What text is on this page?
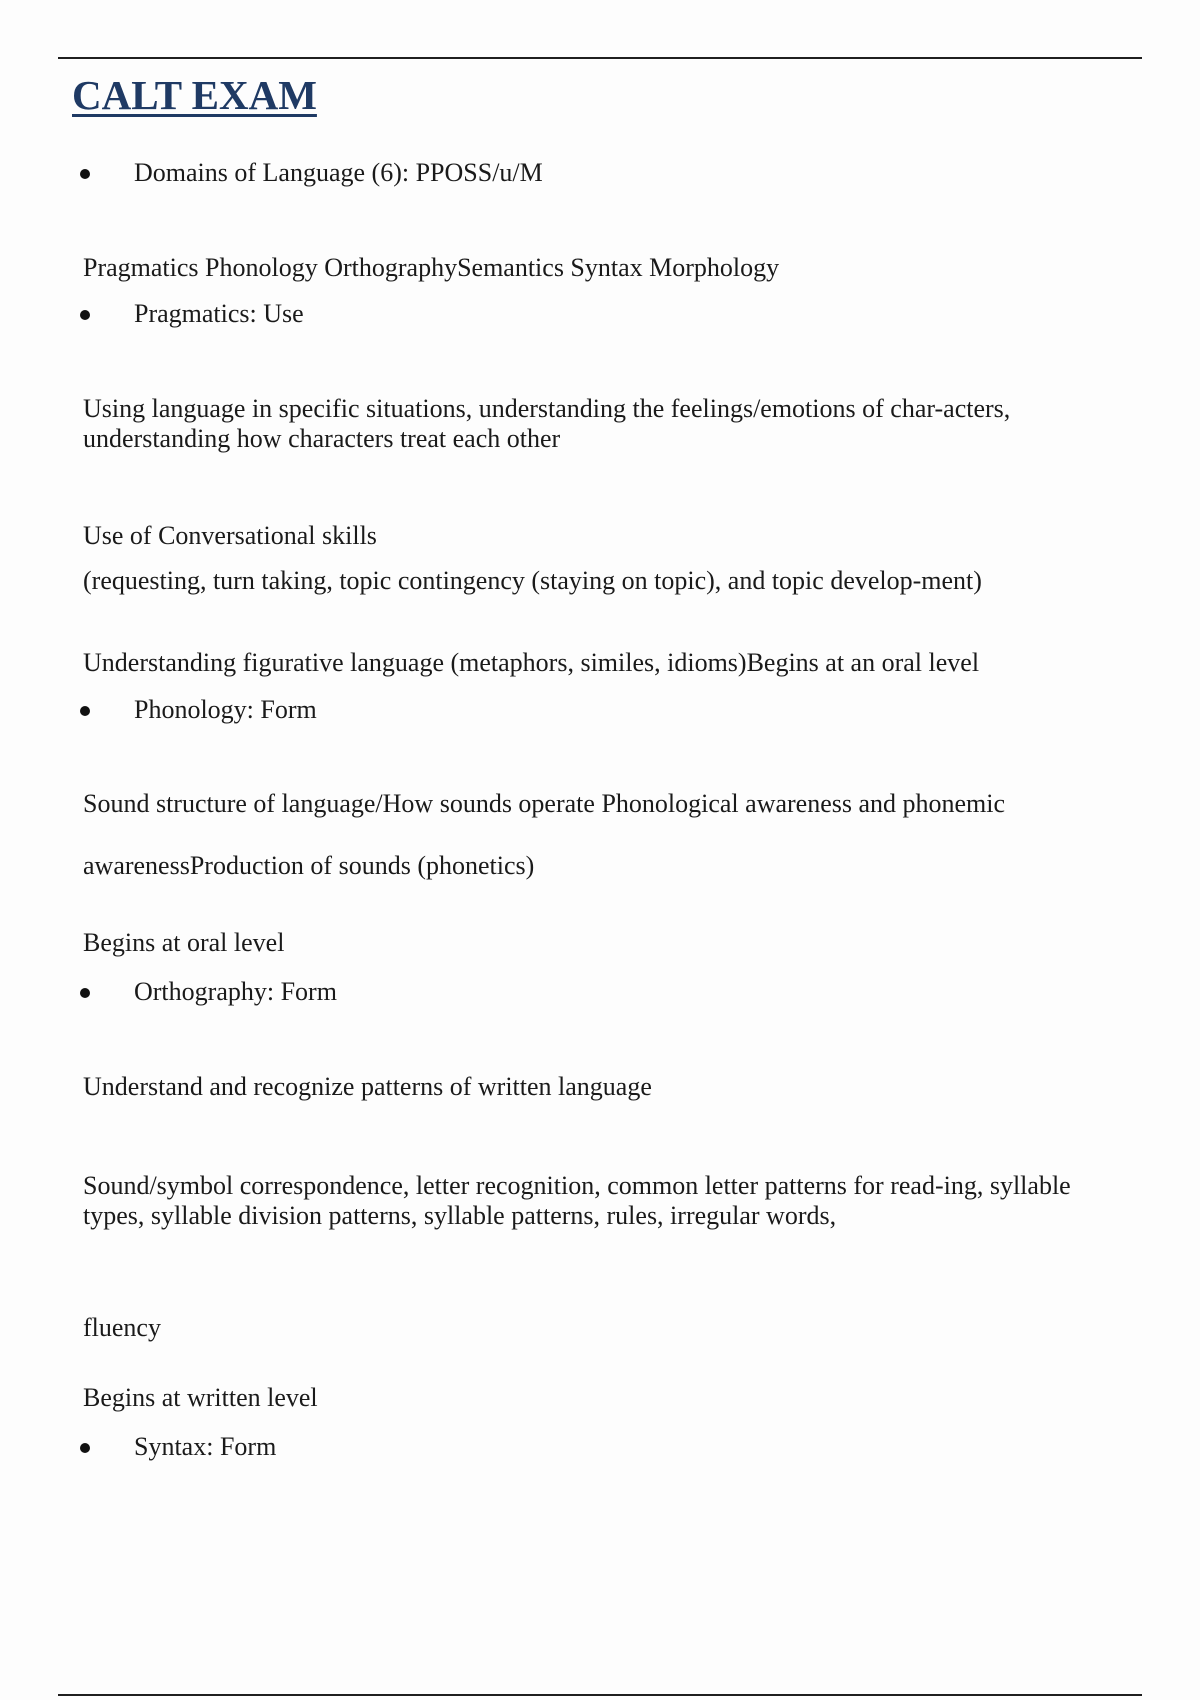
CALT EXAM
Domains of Language (6): PPOSS/u/M

Pragmatics Phonology OrthographySemantics Syntax Morphology

Pragmatics: Use

Using language in specific situations, understanding the feelings/emotions of char-acters,

understanding how characters treat each other

Use of Conversational skills

(requesting, turn taking, topic contingency (staying on topic), and topic develop-ment)

Understanding figurative language (metaphors, similes, idioms)Begins at an oral level

Phonology: Form

Sound structure of language/How sounds operate Phonological awareness and phonemic

awarenessProduction of sounds (phonetics)

Begins at oral level

Orthography: Form

Understand and recognize patterns of written language

Sound/symbol correspondence, letter recognition, common letter patterns for read-ing, syllable

types, syllable division patterns, syllable patterns, rules, irregular words,

fluency

Begins at written level

Syntax: Form
